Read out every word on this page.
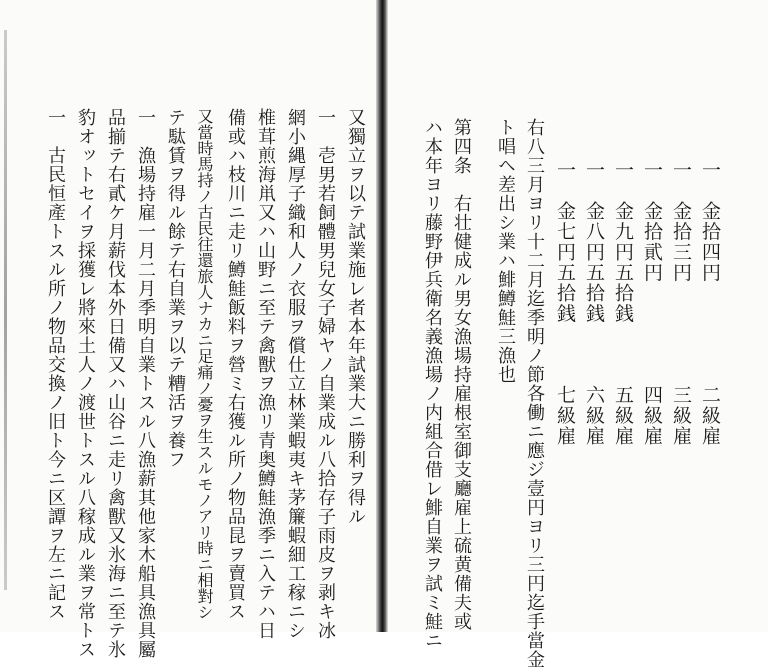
一　金拾四円
一　金拾三円
一　金拾貮円
一　金九円五拾銭
一　金八円五拾銭
一　金七円五拾銭
二級雇
三級雇
四級雇
五級雇
六級雇
七級雇
右八三月ヨリ十二月迄季明ノ節各働ニ應ジ壹円ヨリ三円迄手當金
ト唱ヘ差出シ業ハ鯡鱒鮭三漁也
第四条　右壮健成ル男女漁場持雇根室御支廳雇上硫黄備夫或
ハ本年ヨリ藤野伊兵衛名義漁場ノ内組合借レ鯡自業ヲ試ミ鮭ニ
又獨立ヲ以テ試業施レ者本年試業大ニ勝利ヲ得ル
一　壱男若飼體男兒女子婦ヤノ自業成ル八拾存子雨皮ヲ剥キ冰
網小縄厚子織和人ノ衣服ヲ償仕立林業蝦夷キ茅簾蝦細工稼ニシ
椎茸煎海鼡又ハ山野ニ至テ禽獸ヲ漁リ青奥鱒鮭漁季ニ入テハ日
備或ハ枝川ニ走リ鱒鮭飯料ヲ營ミ右獲ル所ノ物品昆ヲ賣買ス
又當時馬持ノ古民往還旅人ナカニ足痛ノ憂ヲ生スルモノアリ時ニ相對シ
テ駄賃ヲ得ル餘テ右自業ヲ以テ糟活ヲ養フ
一　漁場持雇一月二月季明自業トスル八漁薪其他家木船具漁具屬
品揃テ右貳ケ月薪伐本外日備又ハ山谷ニ走リ禽獸又氷海ニ至テ氷
豹オットセイヲ採獲レ將來土人ノ渡世トスル八稼成ル業ヲ常トス
一　古民恒產トスル所ノ物品交換ノ旧ト今ニ区譚ヲ左ニ記ス
